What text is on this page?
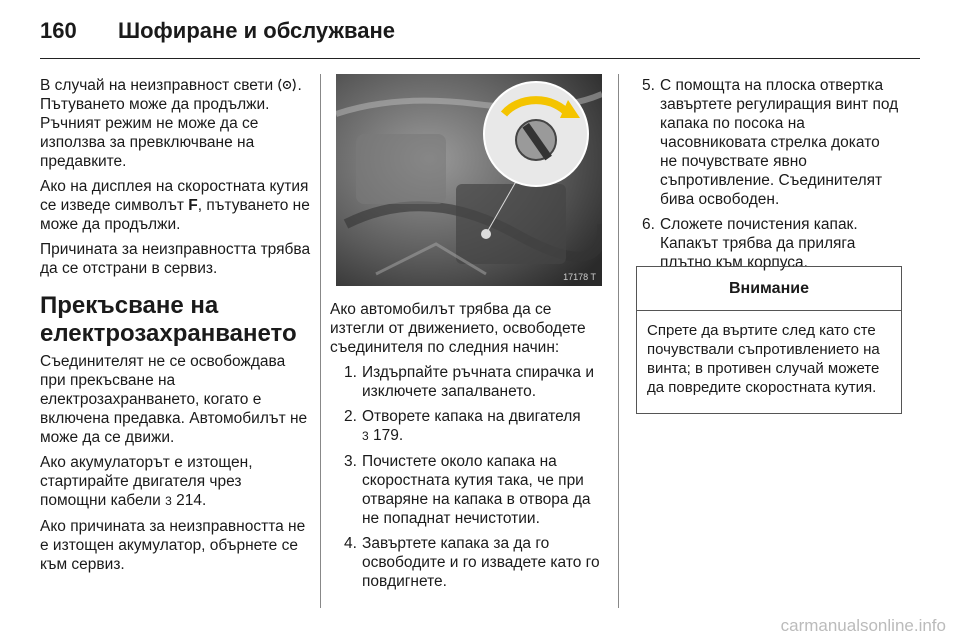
160 Шофиране и обслужване

В случай на неизправност свети . Пътуването може да продължи. Ръчният режим не може да се използва за превключване на предавките.

Ако на дисплея на скоростната кутия се изведе символът F, пътуването не може да продължи.

Причината за неизправността трябва да се отстрани в сервиз.

Прекъсване на електрозахранването

Съединителят не се освобождава при прекъсване на електрозахранването, когато е включена предавка. Автомобилът не може да се движи.

Ако акумулаторът е изтощен, стартирайте двигателя чрез помощни кабели 3 214.

Ако причината за неизправността не е изтощен акумулатор, обърнете се към сервиз.

17178 T

Ако автомобилът трябва да се изтегли от движението, освободете съединителя по следния начин:

1. Издърпайте ръчната спирачка и изключете запалването.
2. Отворете капака на двигателя
3 179.
3. Почистете около капака на скоростната кутия така, че при отваряне на капака в отвора да не попаднат нечистотии.
4. Завъртете капака за да го освободите и го извадете като го повдигнете.
5. С помощта на плоска отвертка завъртете регулиращия винт под капака по посока на часовниковата стрелка докато не почувствате явно съпротивление. Съединителят бива освободен.
6. Сложете почистения капак. Капакът трябва да приляга плътно към корпуса.
Внимание
Спрете да въртите след като сте почувствали съпротивлението на винта; в противен случай можете да повредите скоростната кутия.
carmanualsonline.info
